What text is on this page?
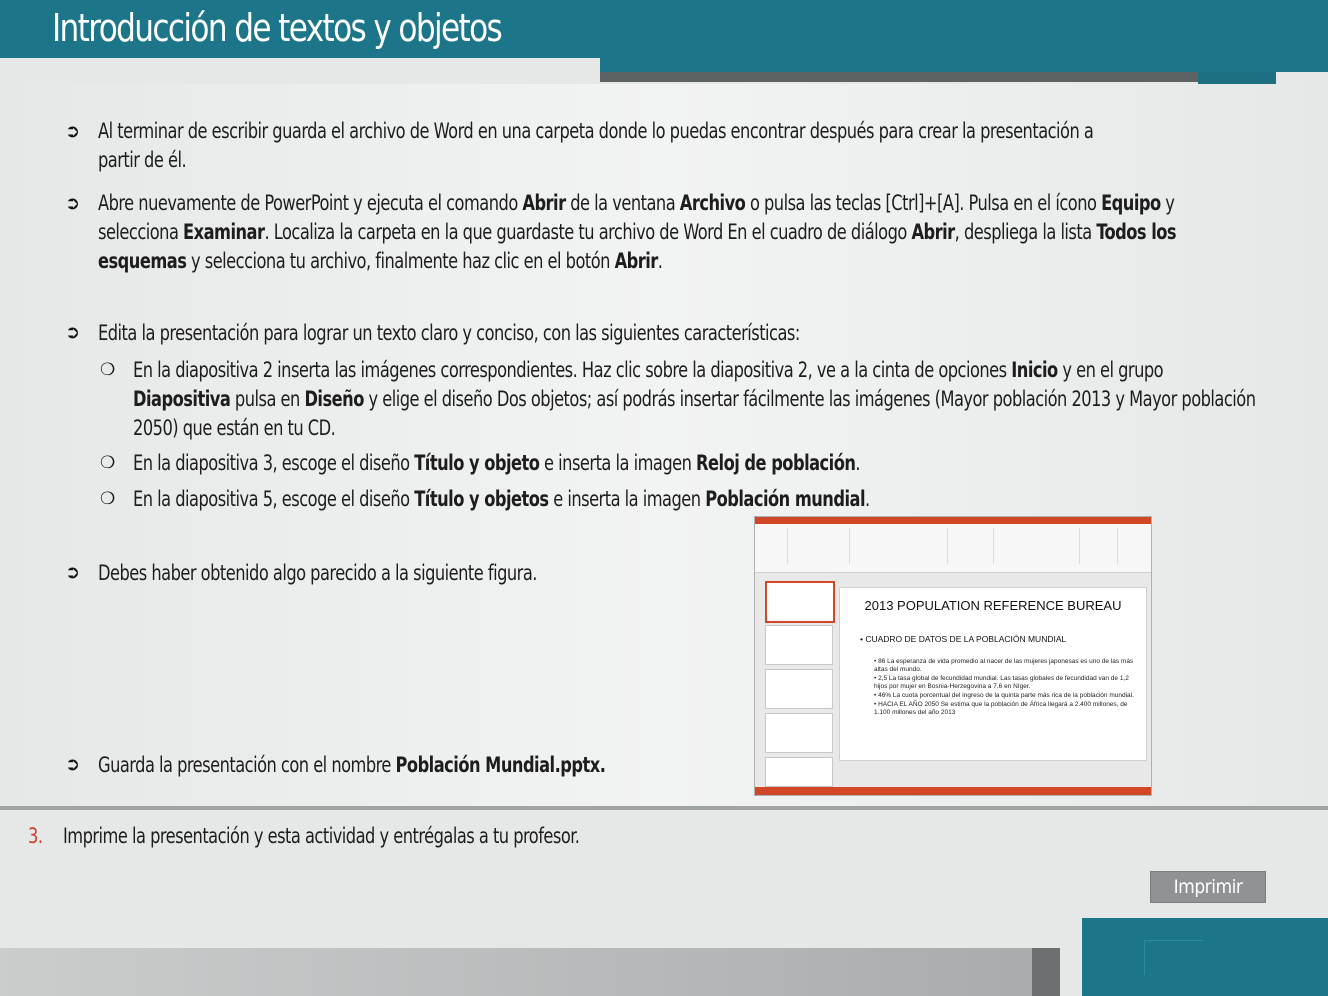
Introducción de textos y objetos
➲ Al terminar de escribir guarda el archivo de Word en una carpeta donde lo puedas encontrar después para crear la presentación a partir de él.
➲ Abre nuevamente de PowerPoint y ejecuta el comando Abrir de la ventana Archivo o pulsa las teclas [Ctrl]+[A]. Pulsa en el ícono Equipo y selecciona Examinar. Localiza la carpeta en la que guardaste tu archivo de Word En el cuadro de diálogo Abrir, despliega la lista Todos los esquemas y selecciona tu archivo, finalmente haz clic en el botón Abrir.
➲ Edita la presentación para lograr un texto claro y conciso, con las siguientes características:
❍ En la diapositiva 2 inserta las imágenes correspondientes. Haz clic sobre la diapositiva 2, ve a la cinta de opciones Inicio y en el grupo Diapositiva pulsa en Diseño y elige el diseño Dos objetos; así podrás insertar fácilmente las imágenes (Mayor población 2013 y Mayor población 2050) que están en tu CD.
❍ En la diapositiva 3, escoge el diseño Título y objeto e inserta la imagen Reloj de población.
❍ En la diapositiva 5, escoge el diseño Título y objetos e inserta la imagen Población mundial.
➲ Debes haber obtenido algo parecido a la siguiente figura.
➲ Guarda la presentación con el nombre Población Mundial.pptx.
2013 POPULATION REFERENCE BUREAU
• CUADRO DE DATOS DE LA POBLACIÓN MUNDIAL
• 86 La esperanza de vida promedio al nacer de las mujeres japonesas es uno de las más altas del mundo.
• 2,5 La tasa global de fecundidad mundial. Las tasas globales de fecundidad van de 1,2 hijos por mujer en Bosnia-Herzegovina a 7,6 en Níger.
• 46% La cuota porcentual del ingreso de la quinta parte más rica de la población mundial.
• HACIA EL AÑO 2050 Se estima que la población de África llegará a 2.400 millones, de 1.100 millones del año 2013
3. Imprime la presentación y esta actividad y entrégalas a tu profesor.
Imprimir
